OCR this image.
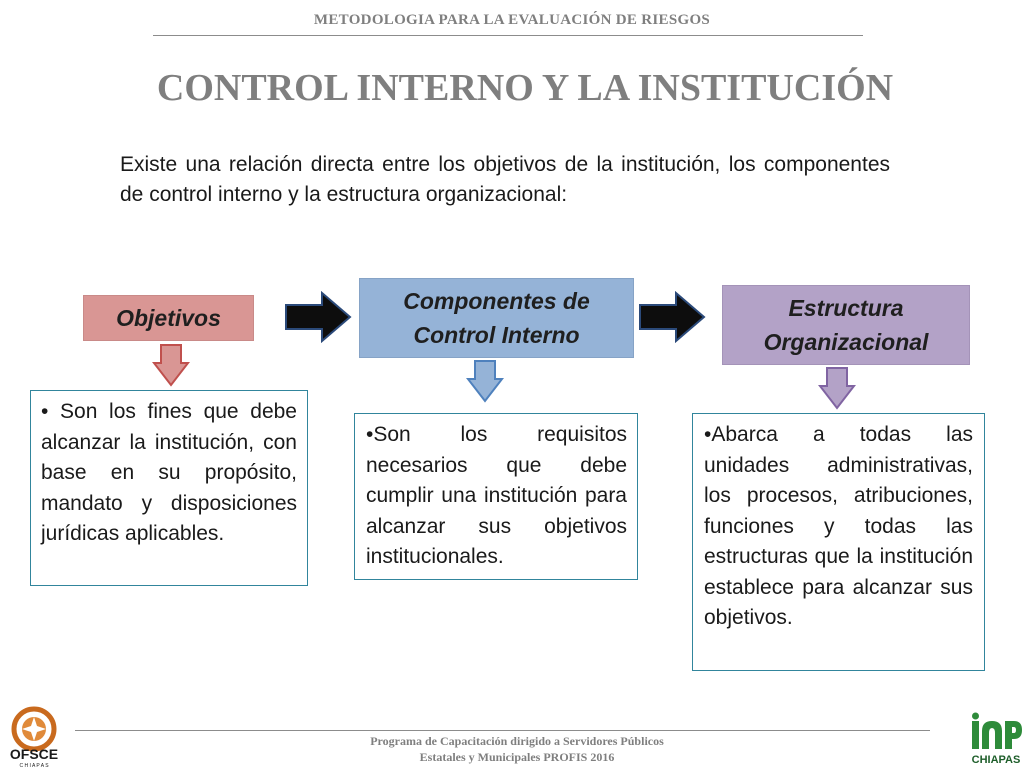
METODOLOGIA PARA LA EVALUACIÓN DE RIESGOS
CONTROL INTERNO Y LA INSTITUCIÓN
Existe una relación directa entre los objetivos de la institución, los componentes de control interno y la estructura organizacional:
Objetivos
Componentes de Control Interno
Estructura Organizacional
• Son los fines que debe alcanzar la institución, con base en su propósito, mandato y disposiciones jurídicas aplicables.
•Son los requisitos necesarios que debe cumplir una institución para alcanzar sus objetivos institucionales.
•Abarca a todas las unidades administrativas, los procesos, atribuciones, funciones y todas las estructuras que la institución establece para alcanzar sus objetivos.
Programa de Capacitación dirigido a Servidores Públicos
Estatales y Municipales PROFIS 2016
OFSCE
C H I A P A S	CHIAPAS
